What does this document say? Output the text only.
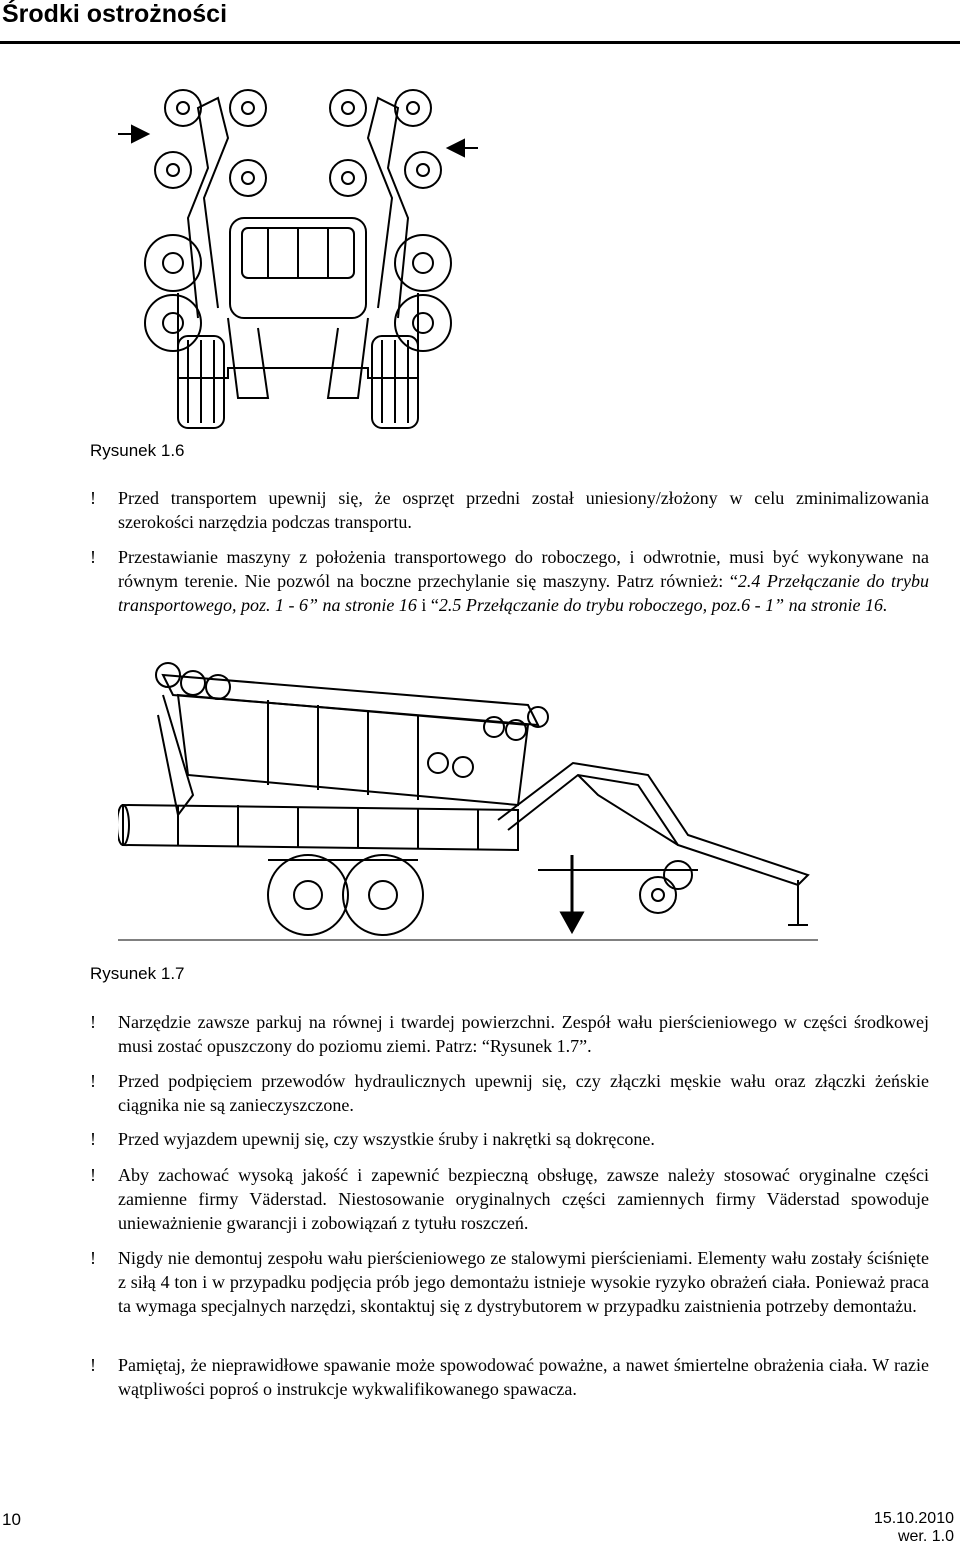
Środki ostrożności
Rysunek 1.6
!	Przed transportem upewnij się, że osprzęt przedni został uniesiony/złożony w celu zminimalizowania szerokości narzędzia podczas transportu.
!	Przestawianie maszyny z położenia transportowego do roboczego, i odwrotnie, musi być wykonywane na równym terenie. Nie pozwól na boczne przechylanie się maszyny. Patrz również: “2.4 Przełączanie do trybu transportowego, poz. 1 - 6” na stronie 16 i “2.5 Przełączanie do trybu roboczego, poz.6 - 1” na stronie 16.
Rysunek 1.7
!	Narzędzie zawsze parkuj na równej i twardej powierzchni. Zespół wału pierścieniowego w części środkowej musi zostać opuszczony do poziomu ziemi. Patrz: “Rysunek 1.7”.
!	Przed podpięciem przewodów hydraulicznych upewnij się, czy złączki męskie wału oraz złączki żeńskie ciągnika nie są zanieczyszczone.
!	Przed wyjazdem upewnij się, czy wszystkie śruby i nakrętki są dokręcone.
!	Aby zachować wysoką jakość i zapewnić bezpieczną obsługę, zawsze należy stosować oryginalne części zamienne firmy Väderstad. Niestosowanie oryginalnych części zamiennych firmy Väderstad spowoduje unieważnienie gwarancji i zobowiązań z tytułu roszczeń.
!	Nigdy nie demontuj zespołu wału pierścieniowego ze stalowymi pierścieniami. Elementy wału zostały ściśnięte z siłą 4 ton i w przypadku podjęcia prób jego demontażu istnieje wysokie ryzyko obrażeń ciała. Ponieważ praca ta wymaga specjalnych narzędzi, skontaktuj się z dystrybutorem w przypadku zaistnienia potrzeby demontażu.
!	Pamiętaj, że nieprawidłowe spawanie może spowodować poważne, a nawet śmiertelne obrażenia ciała. W razie wątpliwości poproś o instrukcje wykwalifikowanego spawacza.
10	15.10.2010
wer. 1.0
